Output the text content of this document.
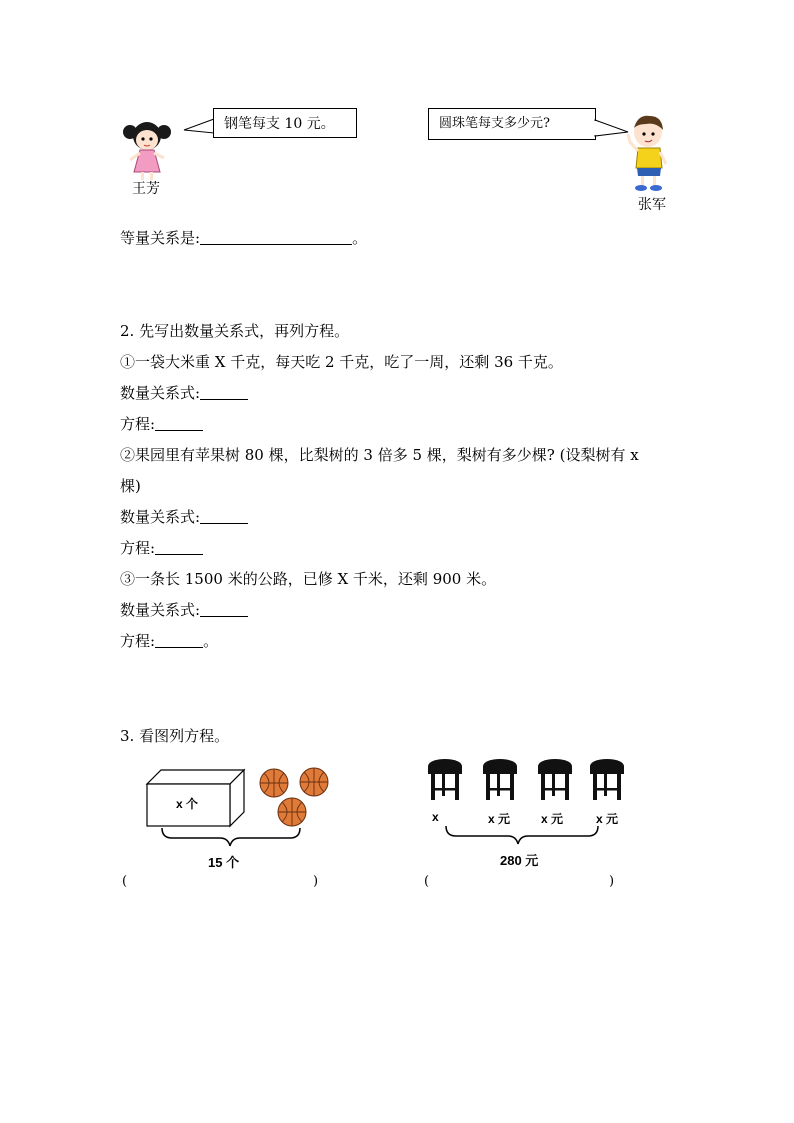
王芳
钢笔每支 10 元。	圆珠笔每支多少元?
张军
等量关系是:	。
2. 先写出数量关系式，再列方程。
①一袋大米重 X 千克，每天吃 2 千克，吃了一周，还剩 36 千克。
数量关系式:
方程:
②果园里有苹果树 80 棵，比梨树的 3 倍多 5 棵，梨树有多少棵? (设梨树有 x
棵)
数量关系式:
方程:
③一条长 1500 米的公路，已修 X 千米，还剩 900 米。
数量关系式:
方程:	。
3. 看图列方程。
x 个
15 个
x	x 元	x 元	x 元
280 元
(	)	(	)
